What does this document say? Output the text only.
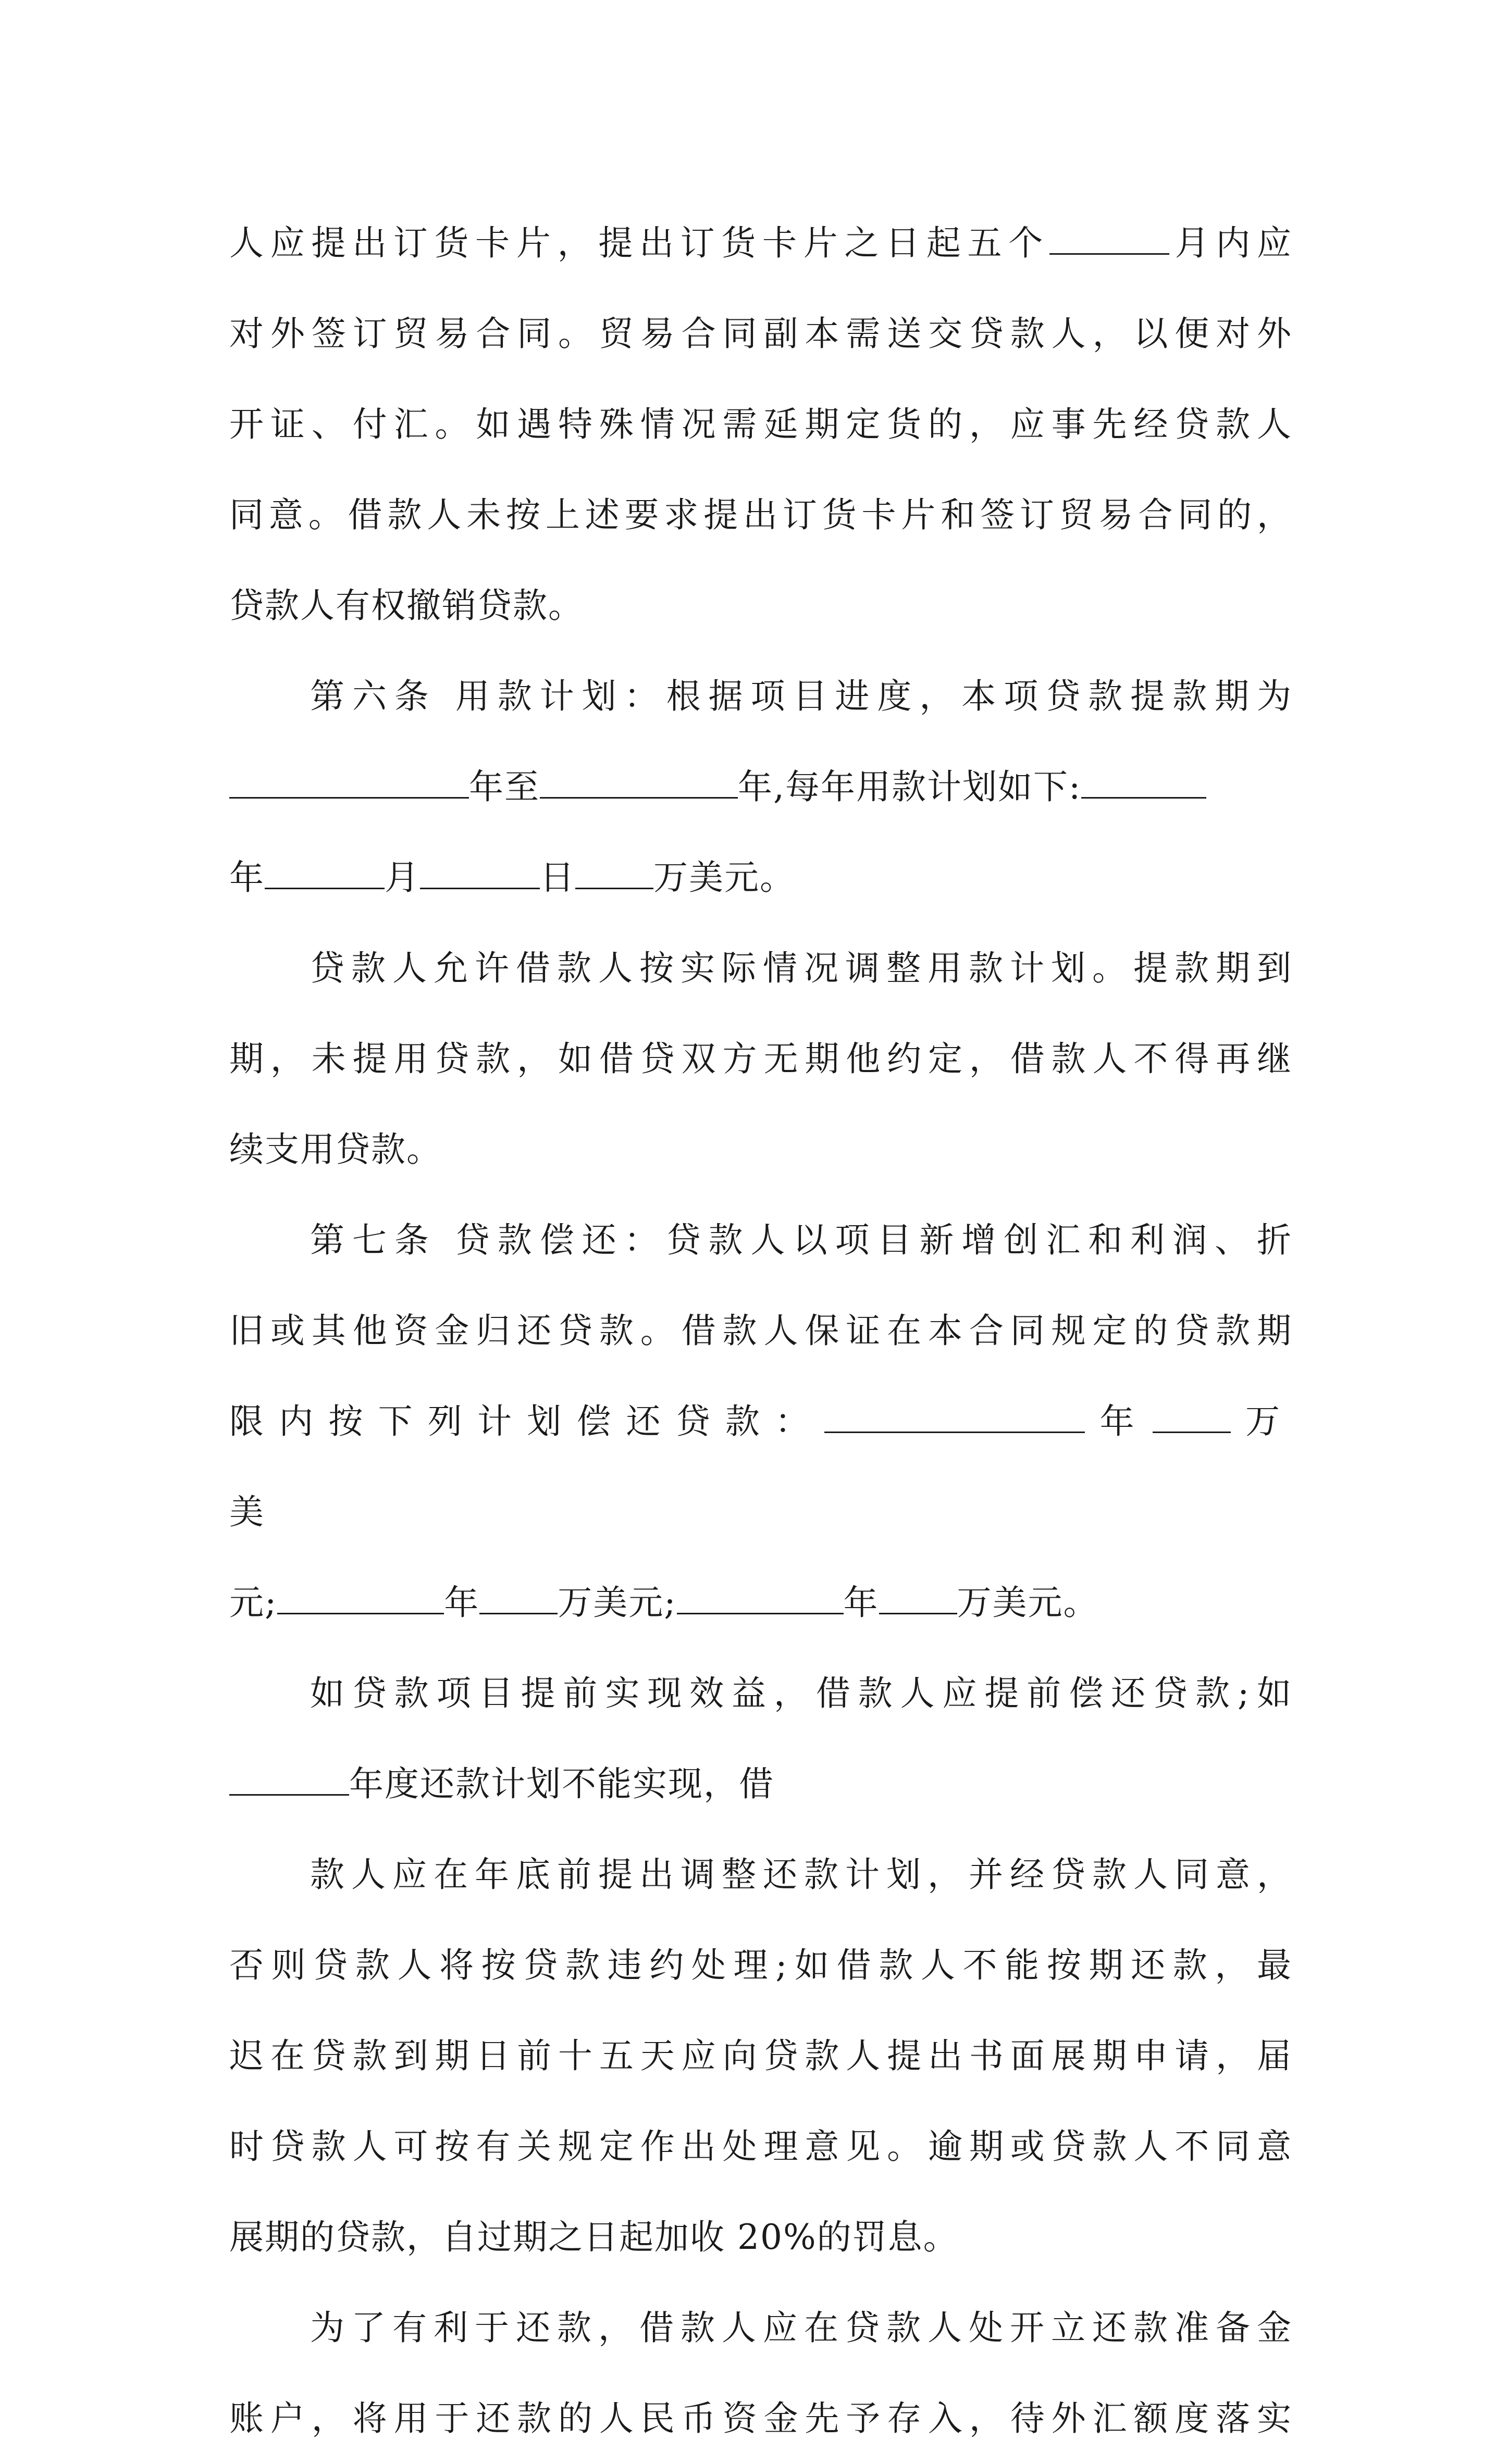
人应提出订货卡片，提出订货卡片之日起五个	月内应
对外签订贸易合同。贸易合同副本需送交贷款人，以便对外
开证、付汇。如遇特殊情况需延期定货的，应事先经贷款人
同意。借款人未按上述要求提出订货卡片和签订贸易合同的，
贷款人有权撤销贷款。
第六条 用款计划：根据项目进度，本项贷款提款期为
年至	年,每年用款计划如下:
年	月	日 万美元。
贷款人允许借款人按实际情况调整用款计划。提款期到
期，未提用贷款，如借贷双方无期他约定，借款人不得再继
续支用贷款。
第七条 贷款偿还：贷款人以项目新增创汇和利润、折
旧或其他资金归还贷款。借款人保证在本合同规定的贷款期
限内按下列计划偿还贷款：	年	万美
元;	年 万美元;	年 万美元。
如贷款项目提前实现效益，借款人应提前偿还贷款;如
年度还款计划不能实现，借
款人应在年底前提出调整还款计划，并经贷款人同意，
否则贷款人将按贷款违约处理;如借款人不能按期还款，最
迟在贷款到期日前十五天应向贷款人提出书面展期申请，届
时贷款人可按有关规定作出处理意见。逾期或贷款人不同意
展期的贷款，自过期之日起加收 20%的罚息。
为了有利于还款，借款人应在贷款人处开立还款准备金
账户，将用于还款的人民币资金先予存入，待外汇额度落实
